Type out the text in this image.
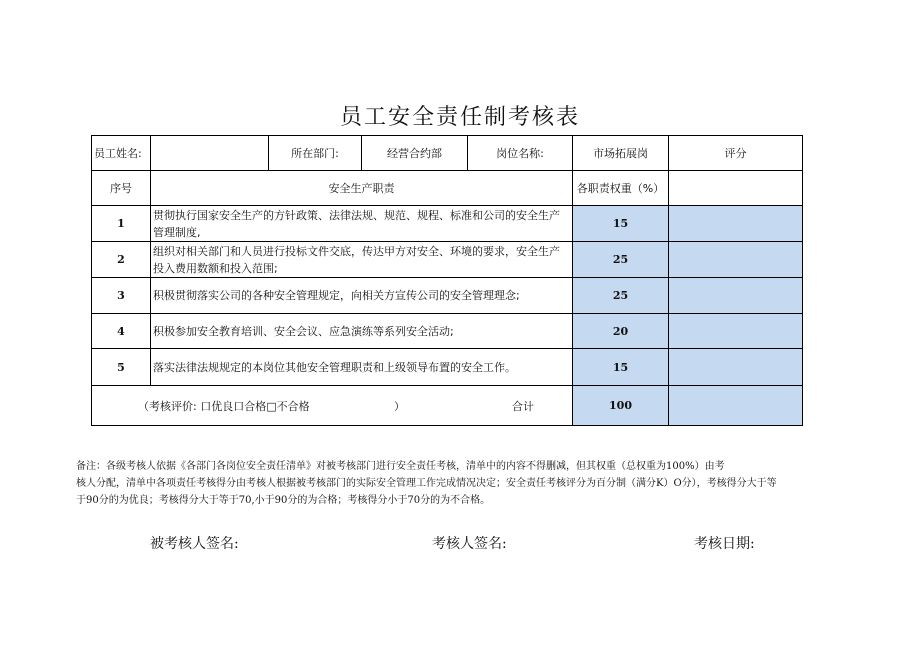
员工安全责任制考核表
员工姓名:		所在部门:	经营合约部	岗位名称:	市场拓展岗	评分
序号	安全生产职责				各职责权重（%）	
1	贯彻执行国家安全生产的方针政策、法律法规、规范、规程、标准和公司的安全生产管理制度,				15	
2	组织对相关部门和人员进行投标文件交底，传达甲方对安全、环境的要求，安全生产投入费用数额和投入范围;				25	
3	积极贯彻落实公司的各种安全管理规定，向相关方宣传公司的安全管理理念;				25	
4	积极参加安全教育培训、安全会议、应急演练等系列安全活动;				20	
5	落实法律法规规定的本岗位其他安全管理职责和上级领导布置的安全工作。				15	

（考核评价: 口优良口合格□不合格 ） 合计					100	
备注：各级考核人依据《各部门各岗位安全责任清单》对被考核部门进行安全责任考核，清单中的内容不得删减，但其权重（总权重为100%）由考
核人分配，清单中各项责任考核得分由考核人根据被考核部门的实际安全管理工作完成情况决定；安全责任考核评分为百分制（满分K）O分），考核得分大于等
于90分的为优良；考核得分大于等于70,小于90分的为合格；考核得分小于70分的为不合格。
被考核人签名:	考核人签名:	考核日期:
